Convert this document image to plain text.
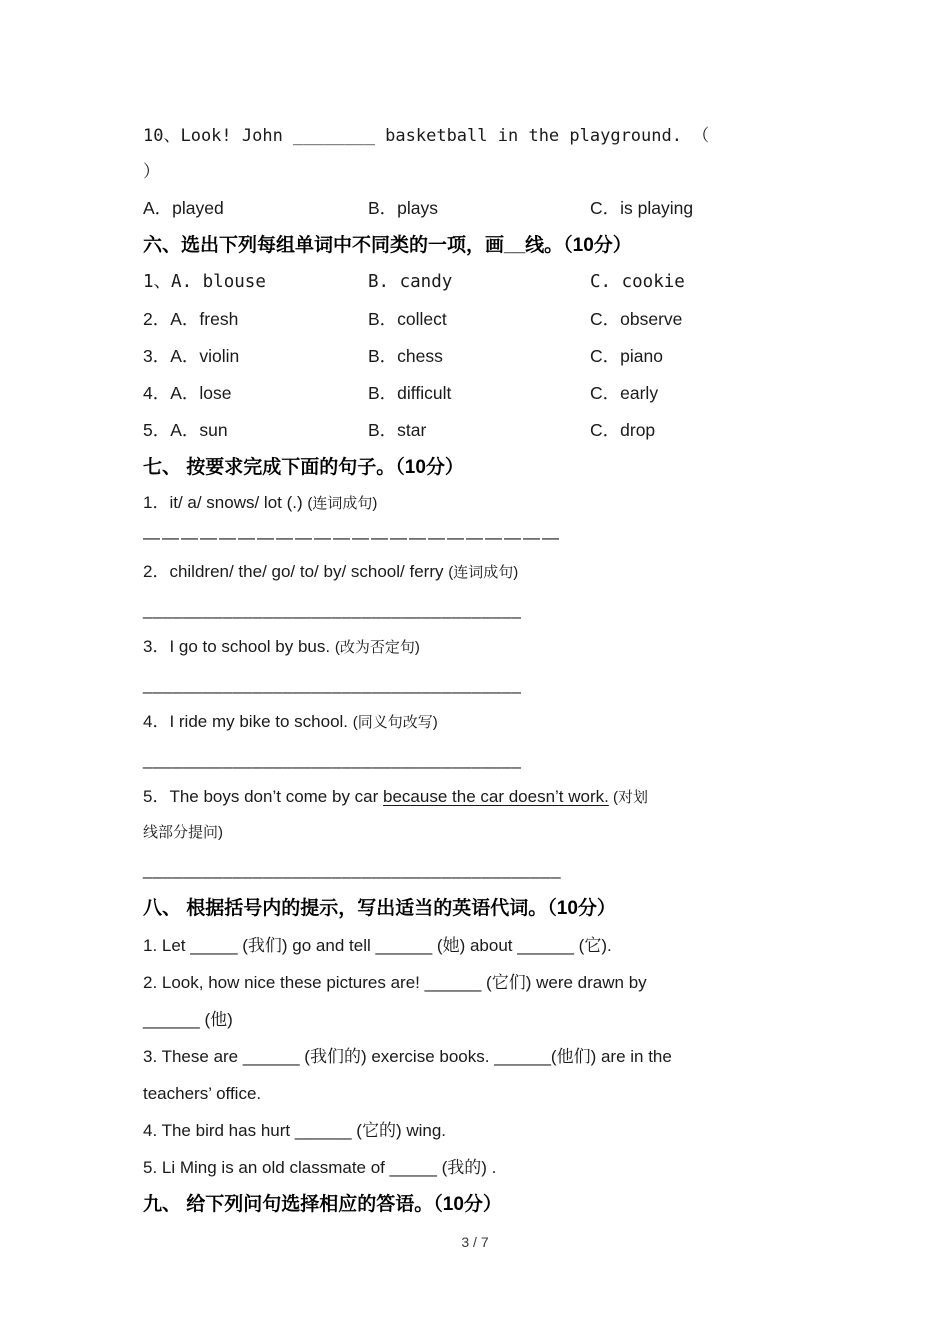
10、Look! John ________ basketball in the playground. （
）
A．played	B．plays	C．is playing
六、选出下列每组单词中不同类的一项，画__线。（10分）
1、A. blouse	B. candy	C. cookie
2．A．fresh	B．collect	C．observe
3．A．violin	B．chess	C．piano
4．A．lose	B．difficult	C．early
5．A．sun	B．star	C．drop
七、 按要求完成下面的句子。（10分）
1．it/ a/ snows/ lot (.) (连词成句)
——————————————————————
2．children/ the/ go/ to/ by/ school/ ferry (连词成句)
______________________________________
3．I go to school by bus. (改为否定句)
______________________________________
4．I ride my bike to school. (同义句改写)
______________________________________
5．The boys don’t come by car because the car doesn’t work. (对划
线部分提问)
__________________________________________
八、 根据括号内的提示，写出适当的英语代词。（10分）
1. Let _____ (我们) go and tell ______ (她) about ______ (它).
2. Look, how nice these pictures are! ______ (它们) were drawn by
______ (他)
3. These are ______ (我们的) exercise books. ______(他们) are in the
teachers’ office.
4. The bird has hurt ______ (它的) wing.
5. Li Ming is an old classmate of _____ (我的) .
九、 给下列问句选择相应的答语。（10分）
3 / 7
